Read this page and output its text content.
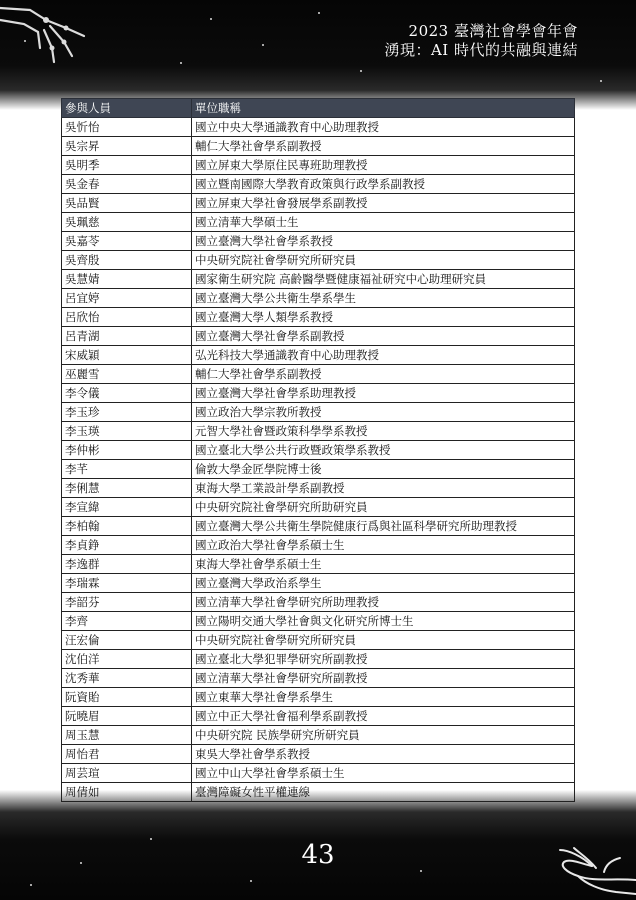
2023 臺灣社會學會年會
湧現：AI 時代的共融與連結
參與人員	單位職稱
吳忻怡	國立中央大學通識教育中心助理教授
吳宗昇	輔仁大學社會學系副教授
吳明季	國立屏東大學原住民專班助理教授
吳金春	國立暨南國際大學教育政策與行政學系副教授
吳品賢	國立屏東大學社會發展學系副教授
吳珮慈	國立清華大學碩士生
吳嘉苓	國立臺灣大學社會學系教授
吳齊殷	中央研究院社會學研究所研究員
吳慧婧	國家衛生研究院 高齡醫學暨健康福祉研究中心助理研究員
呂宜婷	國立臺灣大學公共衛生學系學生
呂欣怡	國立臺灣大學人類學系教授
呂青湖	國立臺灣大學社會學系副教授
宋威穎	弘光科技大學通識教育中心助理教授
巫麗雪	輔仁大學社會學系副教授
李令儀	國立臺灣大學社會學系助理教授
李玉珍	國立政治大學宗教所教授
李玉瑛	元智大學社會暨政策科學學系教授
李仲彬	國立臺北大學公共行政暨政策學系教授
李芊	倫敦大學金匠學院博士後
李俐慧	東海大學工業設計學系副教授
李宣緯	中央研究院社會學研究所助研究員
李柏翰	國立臺灣大學公共衛生學院健康行爲與社區科學研究所助理教授
李貞錚	國立政治大學社會學系碩士生
李逸群	東海大學社會學系碩士生
李瑞霖	國立臺灣大學政治系學生
李韶芬	國立清華大學社會學研究所助理教授
李齊	國立陽明交通大學社會與文化研究所博士生
汪宏倫	中央研究院社會學研究所研究員
沈伯洋	國立臺北大學犯罪學研究所副教授
沈秀華	國立清華大學社會學研究所副教授
阮資貽	國立東華大學社會學系學生
阮曉眉	國立中正大學社會福利學系副教授
周玉慧	中央研究院 民族學研究所研究員
周怡君	東吳大學社會學系教授
周芸瑄	國立中山大學社會學系碩士生
周倩如	臺灣障礙女性平權連線
43
